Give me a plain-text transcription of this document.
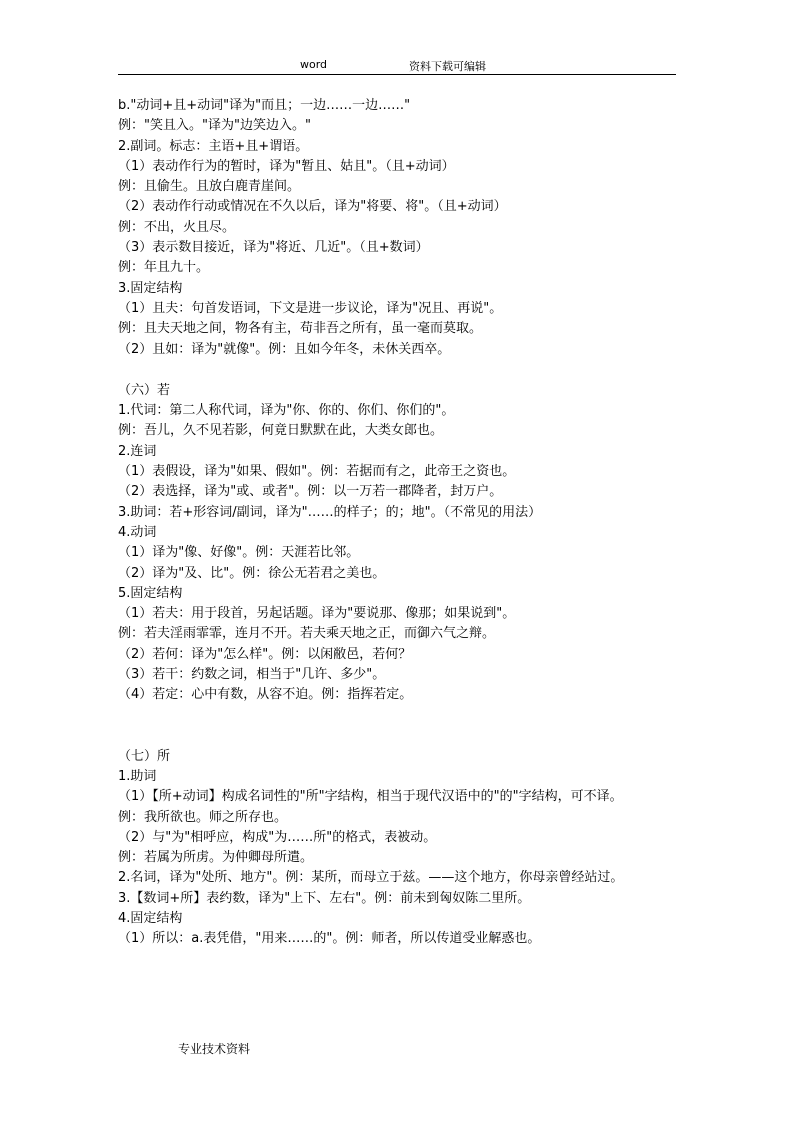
word	资料下载可编辑
b."动词+且+动词"译为"而且；一边……一边……"
例："笑且入。"译为"边笑边入。"
2.副词。标志：主语+且+谓语。
（1）表动作行为的暂时，译为"暂且、姑且"。（且+动词）
例：且偷生。且放白鹿青崖间。
（2）表动作行动或情况在不久以后，译为"将要、将"。（且+动词）
例：不出，火且尽。
（3）表示数目接近，译为"将近、几近"。（且+数词）
例：年且九十。
3.固定结构
（1）且夫：句首发语词，下文是进一步议论，译为"况且、再说"。
例：且夫天地之间，物各有主，苟非吾之所有，虽一毫而莫取。
（2）且如：译为"就像"。例：且如今年冬，未休关西卒。
（六）若
1.代词：第二人称代词，译为"你、你的、你们、你们的"。
例：吾儿，久不见若影，何竟日默默在此，大类女郎也。
2.连词
（1）表假设，译为"如果、假如"。例：若据而有之，此帝王之资也。
（2）表选择，译为"或、或者"。例：以一万若一郡降者，封万户。
3.助词：若+形容词/副词，译为"……的样子；的；地"。（不常见的用法）
4.动词
（1）译为"像、好像"。例：天涯若比邻。
（2）译为"及、比"。例：徐公无若君之美也。
5.固定结构
（1）若夫：用于段首，另起话题。译为"要说那、像那；如果说到"。
例：若夫淫雨霏霏，连月不开。若夫乘天地之正，而御六气之辩。
（2）若何：译为"怎么样"。例：以闲敝邑，若何？
（3）若干：约数之词，相当于"几许、多少"。
（4）若定：心中有数，从容不迫。例：指挥若定。
（七）所
1.助词
（1）【所+动词】构成名词性的"所"字结构，相当于现代汉语中的"的"字结构，可不译。
例：我所欲也。师之所存也。
（2）与"为"相呼应，构成"为……所"的格式，表被动。
例：若属为所虏。为仲卿母所遣。
2.名词，译为"处所、地方"。例：某所，而母立于兹。——这个地方，你母亲曾经站过。
3.【数词+所】表约数，译为"上下、左右"。例：前未到匈奴陈二里所。
4.固定结构
（1）所以：a.表凭借，"用来……的"。例：师者，所以传道受业解惑也。
专业技术资料
